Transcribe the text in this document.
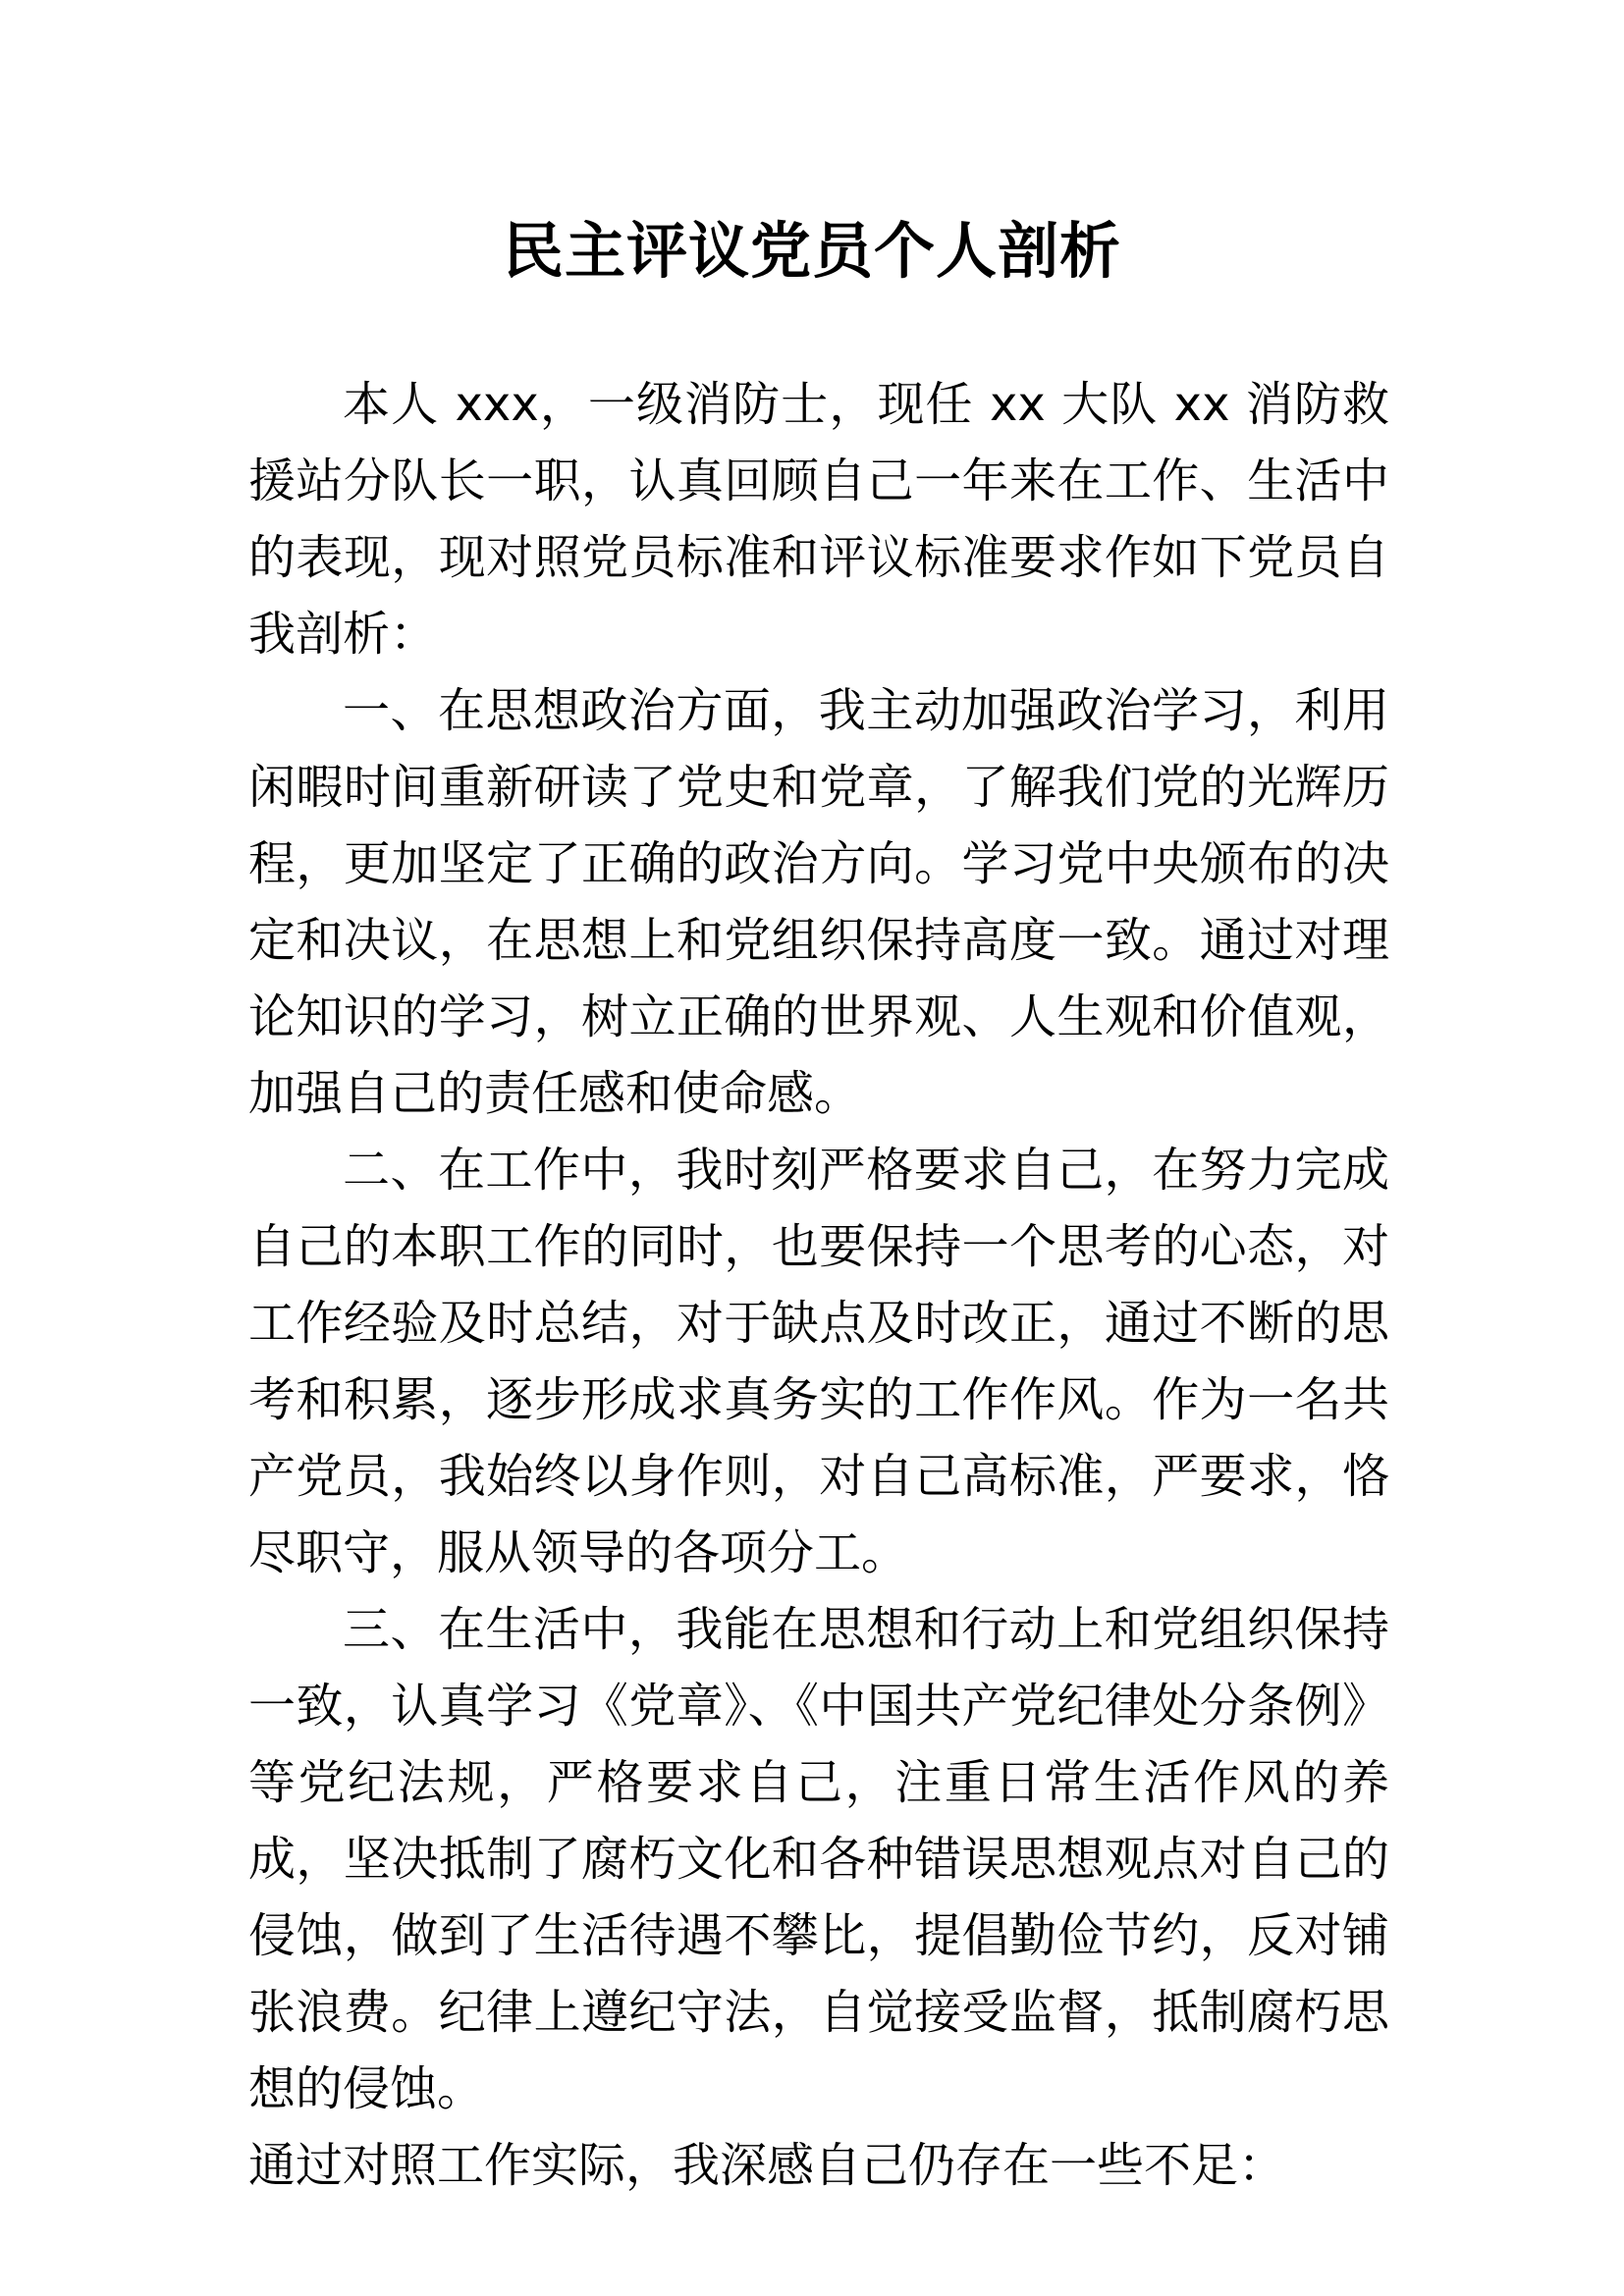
民主评议党员个人剖析

本人 xxx，一级消防士，现任 xx 大队 xx 消防救援站分队长一职，认真回顾自己一年来在工作、生活中的表现，现对照党员标准和评议标准要求作如下党员自我剖析：

一、在思想政治方面，我主动加强政治学习，利用闲暇时间重新研读了党史和党章，了解我们党的光辉历程，更加坚定了正确的政治方向。学习党中央颁布的决定和决议，在思想上和党组织保持高度一致。通过对理论知识的学习，树立正确的世界观、人生观和价值观，加强自己的责任感和使命感。

二、在工作中，我时刻严格要求自己，在努力完成自己的本职工作的同时，也要保持一个思考的心态，对工作经验及时总结，对于缺点及时改正，通过不断的思考和积累，逐步形成求真务实的工作作风。作为一名共产党员，我始终以身作则，对自己高标准，严要求，恪尽职守，服从领导的各项分工。

三、在生活中，我能在思想和行动上和党组织保持一致，认真学习《党章》、《中国共产党纪律处分条例》等党纪法规，严格要求自己，注重日常生活作风的养成，坚决抵制了腐朽文化和各种错误思想观点对自己的侵蚀，做到了生活待遇不攀比，提倡勤俭节约，反对铺张浪费。纪律上遵纪守法，自觉接受监督，抵制腐朽思想的侵蚀。

通过对照工作实际，我深感自己仍存在一些不足：
